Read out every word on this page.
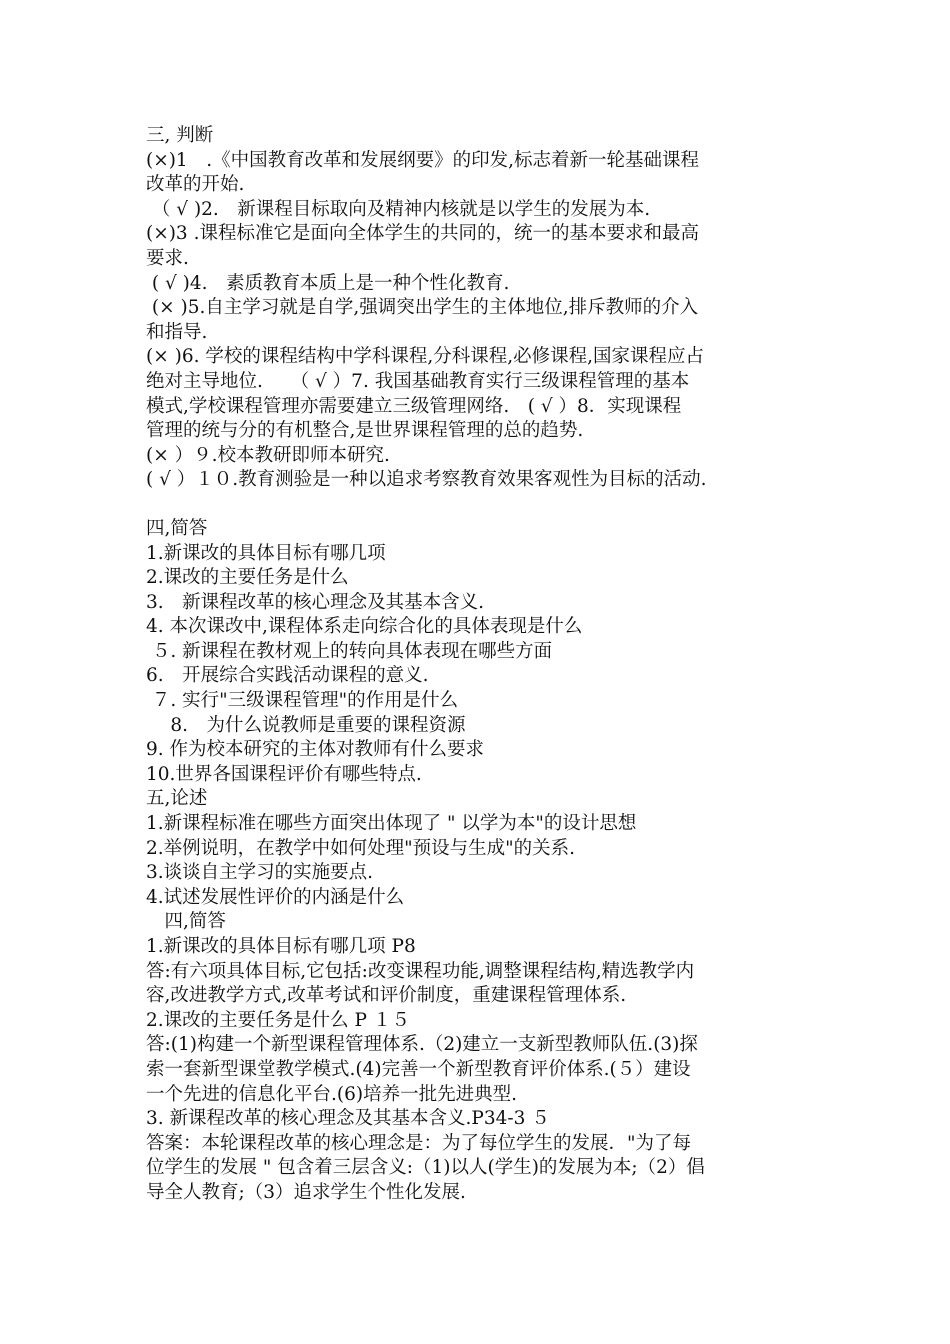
三, 判断
(×)1　.《中国教育改革和发展纲要》的印发,标志着新一轮基础课程
改革的开始.
（ √ )2.　新课程目标取向及精神内核就是以学生的发展为本.
(×)3 .课程标准它是面向全体学生的共同的，统一的基本要求和最高
要求.
( √ )4.　素质教育本质上是一种个性化教育.
(× )5.自主学习就是自学,强调突出学生的主体地位,排斥教师的介入
和指导.
(× )6. 学校的课程结构中学科课程,分科课程,必修课程,国家课程应占
绝对主导地位.　　（ √ ）7. 我国基础教育实行三级课程管理的基本
模式,学校课程管理亦需要建立三级管理网络.　( √ ）8．实现课程
管理的统与分的有机整合,是世界课程管理的总的趋势.
(× ）９.校本教研即师本研究.
( √ ）１０.教育测验是一种以追求考察教育效果客观性为目标的活动.
四,简答
1.新课改的具体目标有哪几项
2.课改的主要任务是什么
3.　新课程改革的核心理念及其基本含义.
4. 本次课改中,课程体系走向综合化的具体表现是什么
５. 新课程在教材观上的转向具体表现在哪些方面
6.　开展综合实践活动课程的意义.
７. 实行"三级课程管理"的作用是什么
　 8.　为什么说教师是重要的课程资源
9. 作为校本研究的主体对教师有什么要求
10.世界各国课程评价有哪些特点.
五,论述
1.新课程标准在哪些方面突出体现了 " 以学为本"的设计思想
2.举例说明，在教学中如何处理"预设与生成"的关系.
3.谈谈自主学习的实施要点.
4.试述发展性评价的内涵是什么
　四,简答
1.新课改的具体目标有哪几项 P8
答:有六项具体目标,它包括:改变课程功能,调整课程结构,精选教学内
容,改进教学方式,改革考试和评价制度，重建课程管理体系.
2.课改的主要任务是什么 P １５
答:(1)构建一个新型课程管理体系.（2)建立一支新型教师队伍.(3)探
索一套新型课堂教学模式.(4)完善一个新型教育评价体系.(５）建设
一个先进的信息化平台.(6)培养一批先进典型.
3. 新课程改革的核心理念及其基本含义.P34-3 ５
答案：本轮课程改革的核心理念是：为了每位学生的发展．"为了每
位学生的发展 " 包含着三层含义:（1)以人(学生)的发展为本;（2）倡
导全人教育;（3）追求学生个性化发展.
